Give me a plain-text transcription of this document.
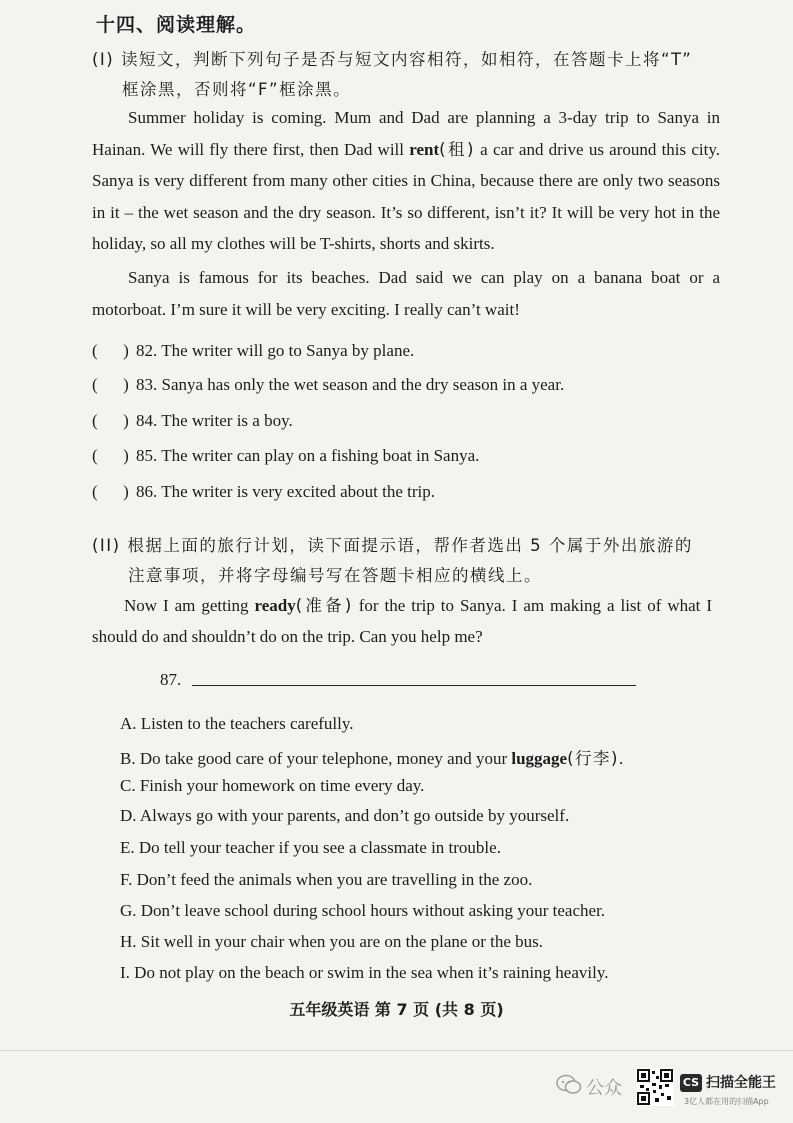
十四、阅读理解。
(I) 读短文，判断下列句子是否与短文内容相符，如相符，在答题卡上将“T”
框涂黑，否则将“F”框涂黑。
Summer holiday is coming. Mum and Dad are planning a 3-day trip to Sanya in Hainan. We will fly there first, then Dad will rent(租) a car and drive us around this city. Sanya is very different from many other cities in China, because there are only two seasons in it – the wet season and the dry season. It’s so different, isn’t it? It will be very hot in the holiday, so all my clothes will be T-shirts, shorts and skirts.
Sanya is famous for its beaches. Dad said we can play on a banana boat or a motorboat. I’m sure it will be very exciting. I really can’t wait!
(      ) 82. The writer will go to Sanya by plane.
(      ) 83. Sanya has only the wet season and the dry season in a year.
(      ) 84. The writer is a boy.
(      ) 85. The writer can play on a fishing boat in Sanya.
(      ) 86. The writer is very excited about the trip.
(II) 根据上面的旅行计划，读下面提示语，帮作者选出 5 个属于外出旅游的
注意事项，并将字母编号写在答题卡相应的横线上。
Now I am getting ready(准备) for the trip to Sanya. I am making a list of what I should do and shouldn’t do on the trip. Can you help me?
87.
A. Listen to the teachers carefully.
B. Do take good care of your telephone, money and your luggage(行李).
C. Finish your homework on time every day.
D. Always go with your parents, and don’t go outside by yourself.
E. Do tell your teacher if you see a classmate in trouble.
F. Don’t feed the animals when you are travelling in the zoo.
G. Don’t leave school during school hours without asking your teacher.
H. Sit well in your chair when you are on the plane or the bus.
I. Do not play on the beach or swim in the sea when it’s raining heavily.
五年级英语 第 7 页 (共 8 页)
公众	CS 扫描全能王
3亿人都在用的扫描App
